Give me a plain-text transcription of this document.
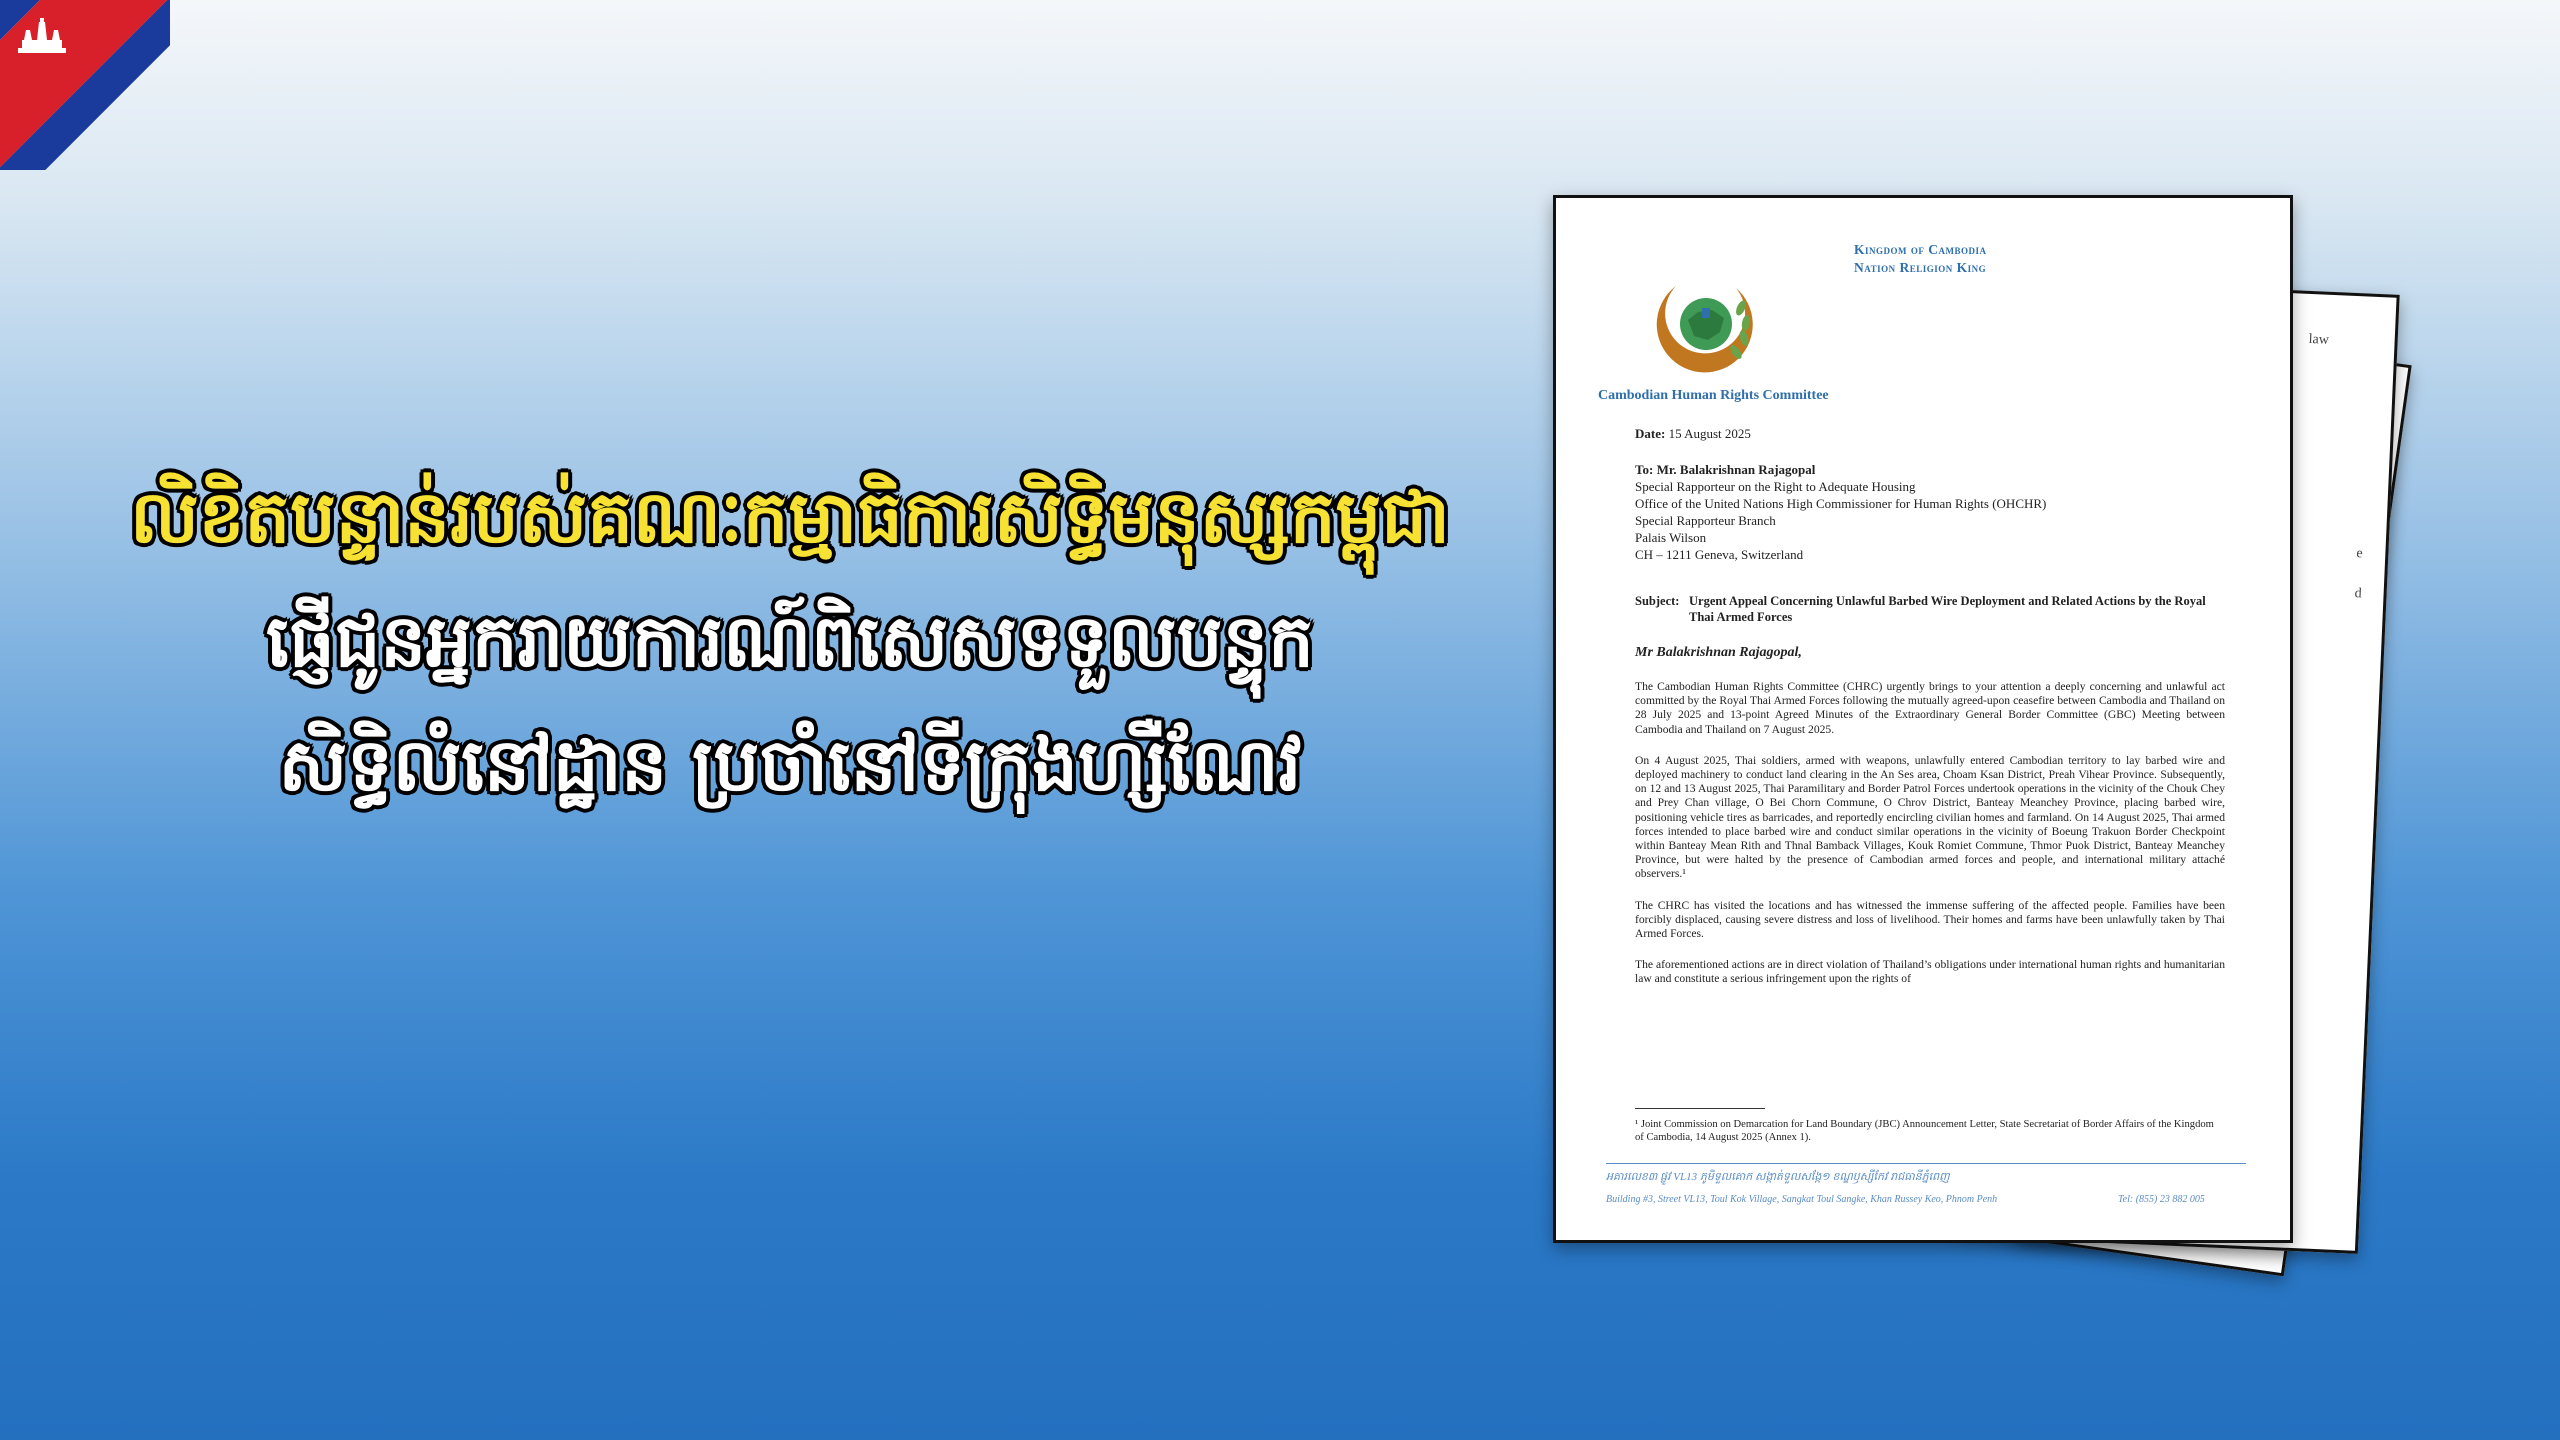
លិខិតបន្ទាន់របស់គណៈកម្មាធិការសិទ្ធិមនុស្សកម្ពុជា

ផ្ញើជូនអ្នករាយការណ៍ពិសេសទទួលបន្ទុក

សិទ្ធិលំនៅដ្ឋាន ប្រចាំនៅទីក្រុងហ្សឺណែវ

law
e
d
Kingdom of Cambodia
Nation Religion King
Cambodian Human Rights Committee
Date: 15 August 2025
To: Mr. Balakrishnan Rajagopal
Special Rapporteur on the Right to Adequate Housing
Office of the United Nations High Commissioner for Human Rights (OHCHR)
Special Rapporteur Branch
Palais Wilson
CH – 1211 Geneva, Switzerland
Subject: Urgent Appeal Concerning Unlawful Barbed Wire Deployment and Related Actions by the Royal Thai Armed Forces
Mr Balakrishnan Rajagopal,

The Cambodian Human Rights Committee (CHRC) urgently brings to your attention a deeply concerning and unlawful act committed by the Royal Thai Armed Forces following the mutually agreed-upon ceasefire between Cambodia and Thailand on 28 July 2025 and 13-point Agreed Minutes of the Extraordinary General Border Committee (GBC) Meeting between Cambodia and Thailand on 7 August 2025.

On 4 August 2025, Thai soldiers, armed with weapons, unlawfully entered Cambodian territory to lay barbed wire and deployed machinery to conduct land clearing in the An Ses area, Choam Ksan District, Preah Vihear Province. Subsequently, on 12 and 13 August 2025, Thai Paramilitary and Border Patrol Forces undertook operations in the vicinity of the Chouk Chey and Prey Chan village, O Bei Chorn Commune, O Chrov District, Banteay Meanchey Province, placing barbed wire, positioning vehicle tires as barricades, and reportedly encircling civilian homes and farmland. On 14 August 2025, Thai armed forces intended to place barbed wire and conduct similar operations in the vicinity of Boeung Trakuon Border Checkpoint within Banteay Mean Rith and Thnal Bamback Villages, Kouk Romiet Commune, Thmor Puok District, Banteay Meanchey Province, but were halted by the presence of Cambodian armed forces and people, and international military attaché observers.¹

The CHRC has visited the locations and has witnessed the immense suffering of the affected people. Families have been forcibly displaced, causing severe distress and loss of livelihood. Their homes and farms have been unlawfully taken by Thai Armed Forces.

The aforementioned actions are in direct violation of Thailand’s obligations under international human rights and humanitarian law and constitute a serious infringement upon the rights of

¹ Joint Commission on Demarcation for Land Boundary (JBC) Announcement Letter, State Secretariat of Border Affairs of the Kingdom of Cambodia, 14 August 2025 (Annex 1).
អគារលេខ៣ ផ្លូវ VL13 ភូមិទួលគោក សង្កាត់ទួលសង្កែ១ ខណ្ឌឫស្សីកែវ រាជធានីភ្នំពេញ
Building #3, Street VL13, Toul Kok Village, Sangkat Toul Sangke, Khan Russey Keo, Phnom Penh	Tel: (855) 23 882 005
